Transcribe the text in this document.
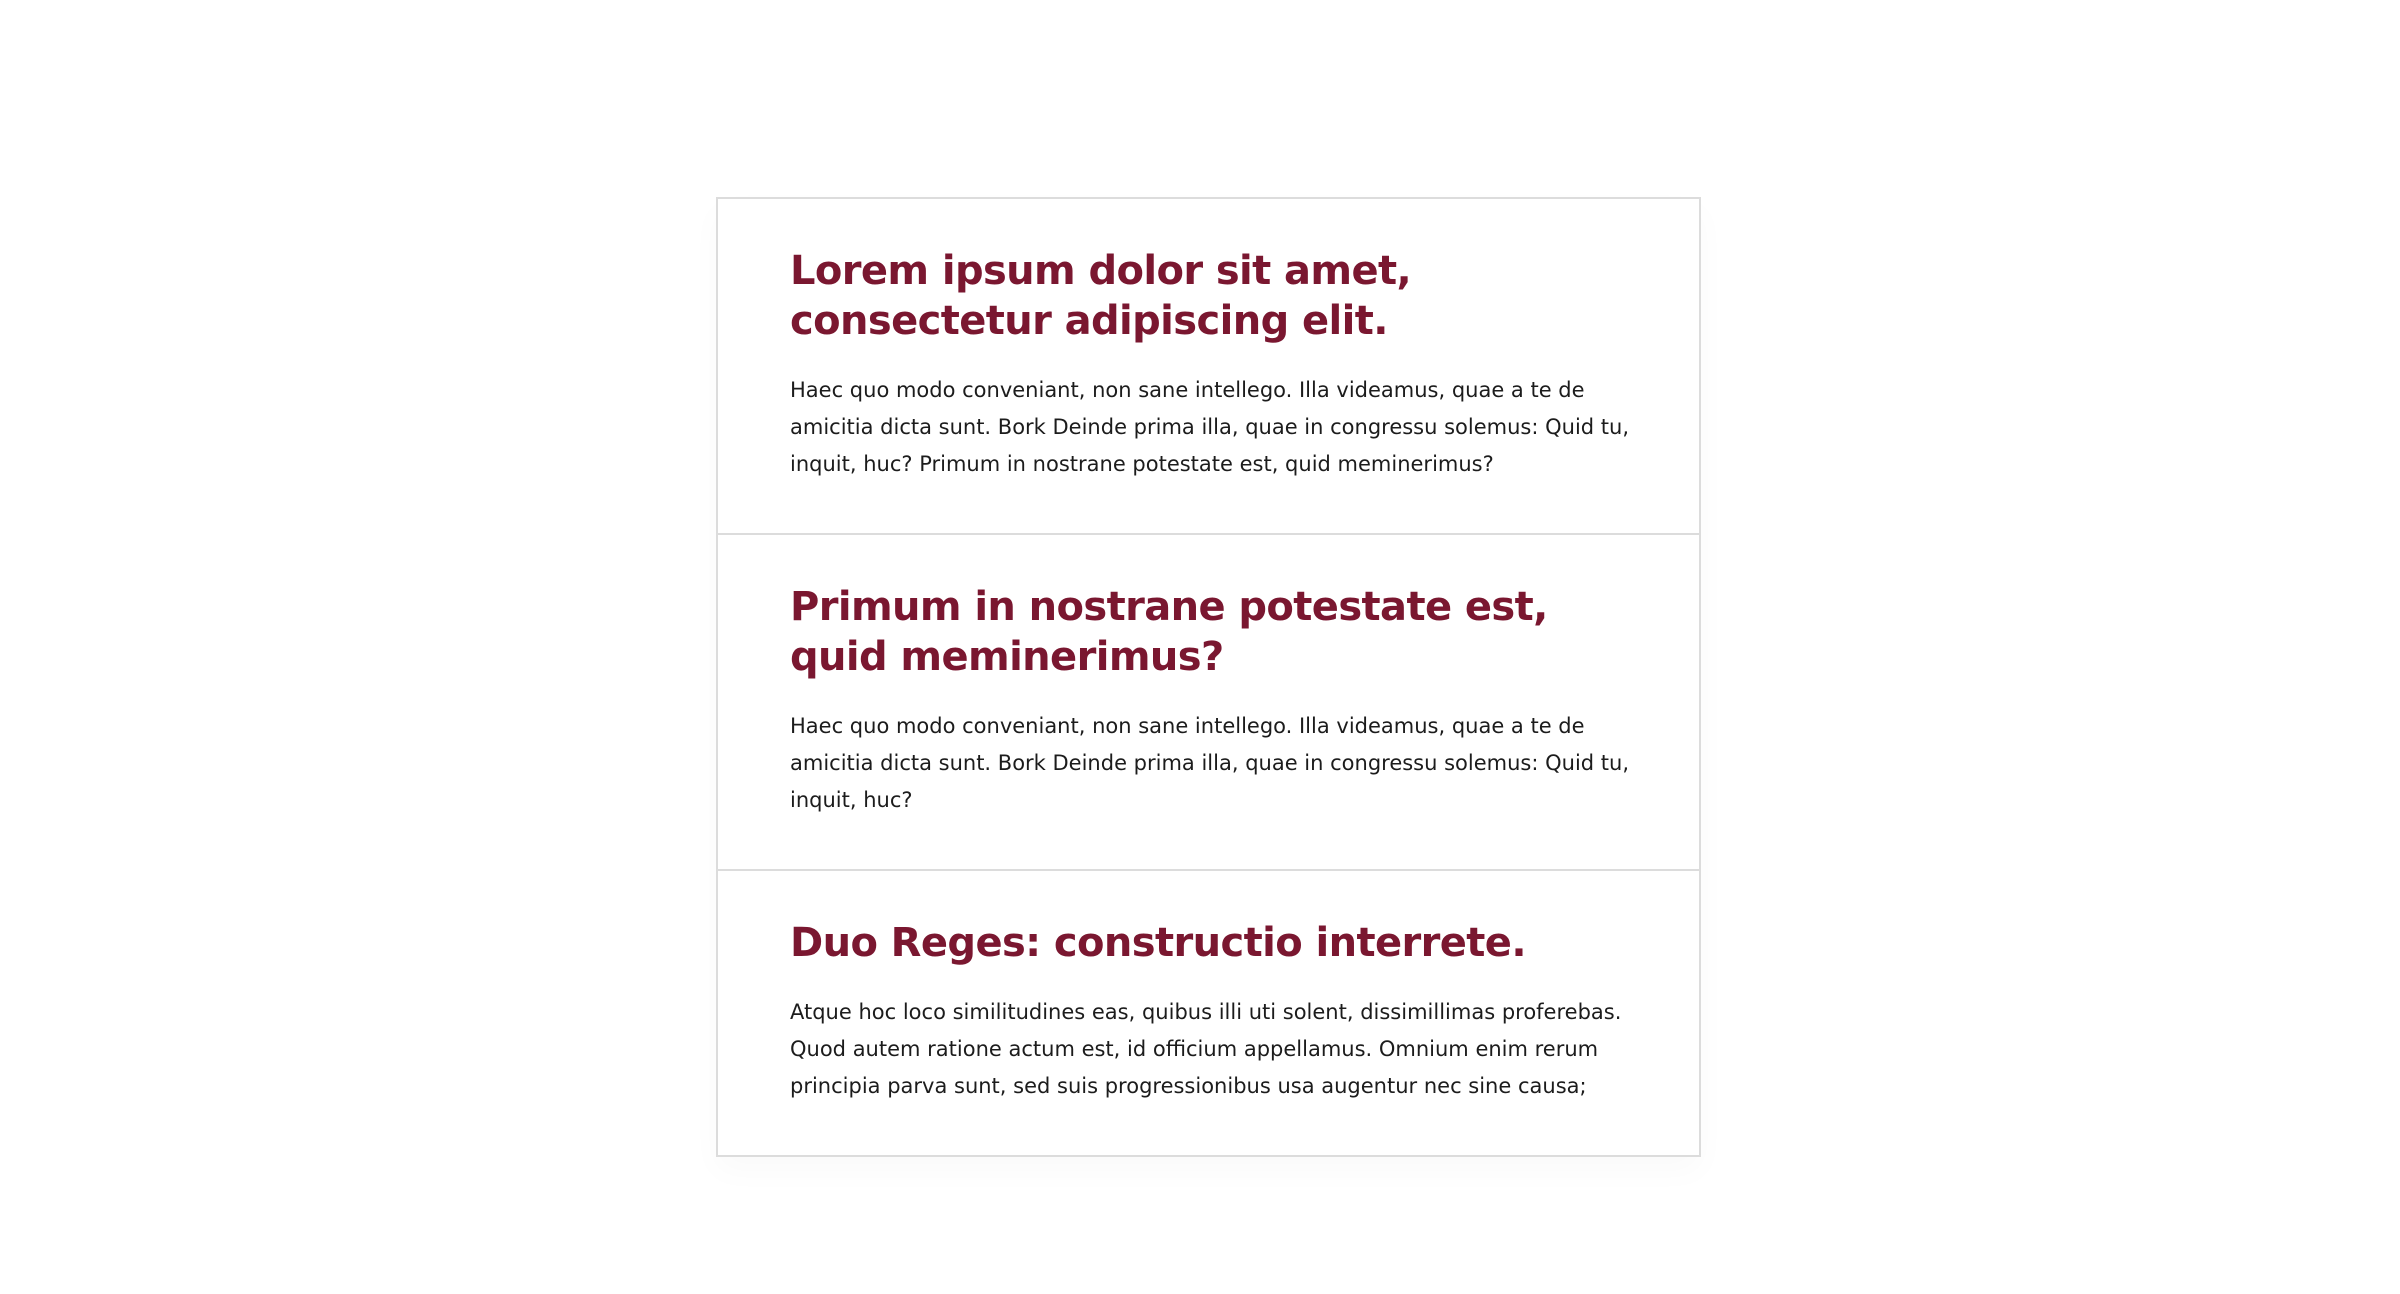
Lorem ipsum dolor sit amet, consectetur adipiscing elit.

Haec quo modo conveniant, non sane intellego. Illa videamus, quae a te de amicitia dicta sunt. Bork Deinde prima illa, quae in congressu solemus: Quid tu, inquit, huc? Primum in nostrane potestate est, quid meminerimus?

Primum in nostrane potestate est, quid meminerimus?

Haec quo modo conveniant, non sane intellego. Illa videamus, quae a te de amicitia dicta sunt. Bork Deinde prima illa, quae in congressu solemus: Quid tu, inquit, huc?

Duo Reges: constructio interrete.

Atque hoc loco similitudines eas, quibus illi uti solent, dissimillimas proferebas. Quod autem ratione actum est, id officium appellamus. Omnium enim rerum principia parva sunt, sed suis progressionibus usa augentur nec sine causa;
